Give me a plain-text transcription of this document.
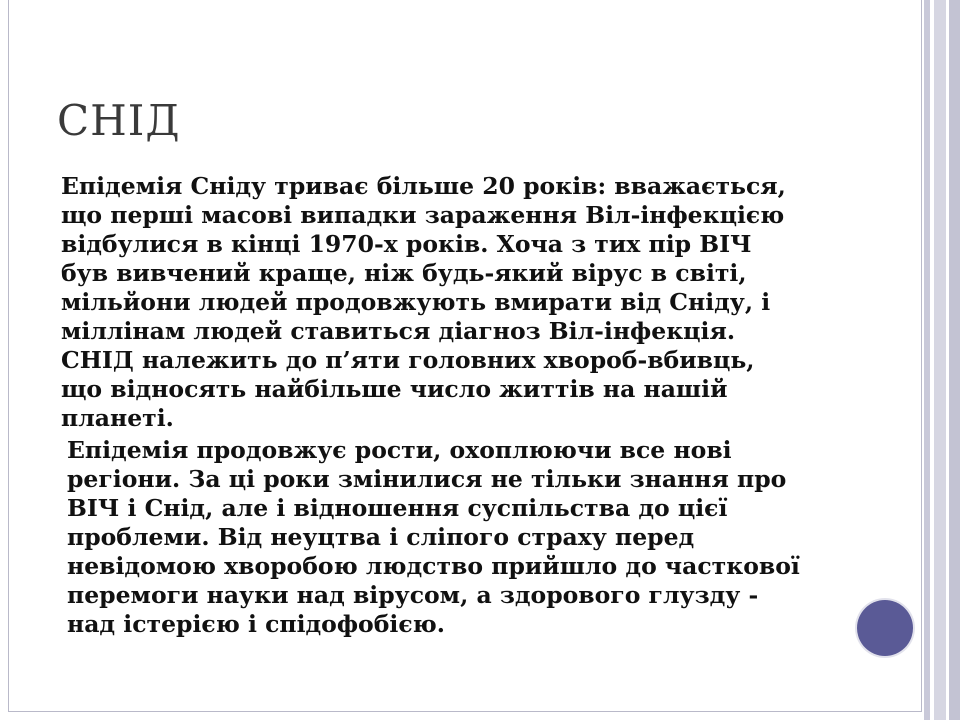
СНІД

Епідемія Сніду триває більше 20 років: вважається,
що перші масові випадки зараження Віл-інфекцією
відбулися в кінці 1970-х років. Хоча з тих пір ВІЧ
був вивчений краще, ніж будь-який вірус в світі,
мільйони людей продовжують вмирати від Сніду, і
міллінам людей ставиться діагноз Віл-інфекція.
СНІД належить до п’яти головних хвороб-вбивць,
що відносять найбільше число життів на нашій
планеті.

Епідемія продовжує рости, охоплюючи все нові
регіони. За ці роки змінилися не тільки знання про
ВІЧ і Снід, але і відношення суспільства до цієї
проблеми. Від неуцтва і сліпого страху перед
невідомою хворобою людство прийшло до часткової
перемоги науки над вірусом, а здорового глузду -
над істерією і спідофобією.
